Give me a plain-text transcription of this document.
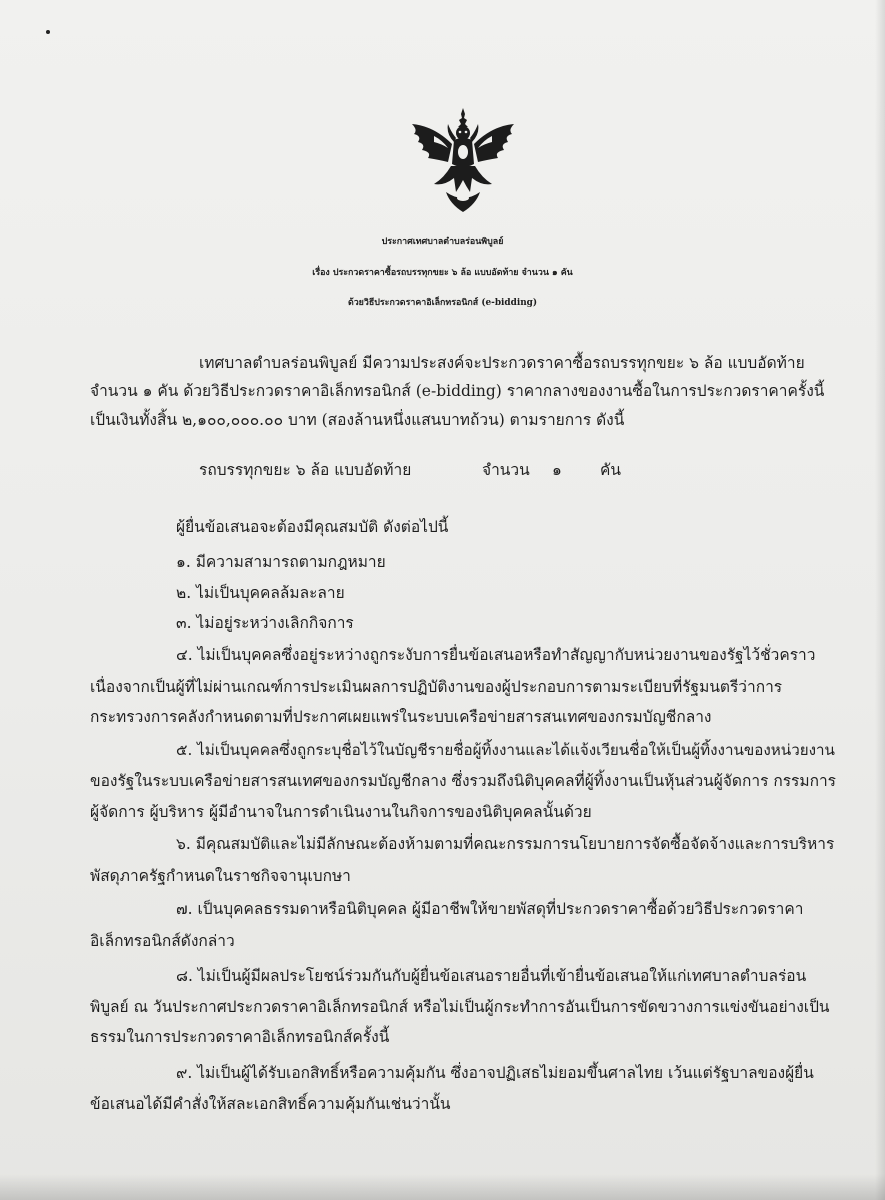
ประกาศเทศบาลตำบลร่อนพิบูลย์
เรื่อง ประกวดราคาซื้อรถบรรทุกขยะ ๖ ล้อ แบบอัดท้าย จำนวน ๑ คัน
ด้วยวิธีประกวดราคาอิเล็กทรอนิกส์ (e-bidding)
เทศบาลตำบลร่อนพิบูลย์ มีความประสงค์จะประกวดราคาซื้อรถบรรทุกขยะ ๖ ล้อ แบบอัดท้าย
จำนวน ๑ คัน ด้วยวิธีประกวดราคาอิเล็กทรอนิกส์ (e-bidding) ราคากลางของงานซื้อในการประกวดราคาครั้งนี้
เป็นเงินทั้งสิ้น ๒,๑๐๐,๐๐๐.๐๐ บาท (สองล้านหนึ่งแสนบาทถ้วน) ตามรายการ ดังนี้
รถบรรทุกขยะ ๖ ล้อ แบบอัดท้าย	จำนวน ๑ คัน
ผู้ยื่นข้อเสนอจะต้องมีคุณสมบัติ ดังต่อไปนี้
๑. มีความสามารถตามกฎหมาย
๒. ไม่เป็นบุคคลล้มละลาย
๓. ไม่อยู่ระหว่างเลิกกิจการ
๔. ไม่เป็นบุคคลซึ่งอยู่ระหว่างถูกระงับการยื่นข้อเสนอหรือทำสัญญากับหน่วยงานของรัฐไว้ชั่วคราว
เนื่องจากเป็นผู้ที่ไม่ผ่านเกณฑ์การประเมินผลการปฏิบัติงานของผู้ประกอบการตามระเบียบที่รัฐมนตรีว่าการ
กระทรวงการคลังกำหนดตามที่ประกาศเผยแพร่ในระบบเครือข่ายสารสนเทศของกรมบัญชีกลาง
๕. ไม่เป็นบุคคลซึ่งถูกระบุชื่อไว้ในบัญชีรายชื่อผู้ทิ้งงานและได้แจ้งเวียนชื่อให้เป็นผู้ทิ้งงานของหน่วยงาน
ของรัฐในระบบเครือข่ายสารสนเทศของกรมบัญชีกลาง ซึ่งรวมถึงนิติบุคคลที่ผู้ทิ้งงานเป็นหุ้นส่วนผู้จัดการ กรรมการ
ผู้จัดการ ผู้บริหาร ผู้มีอำนาจในการดำเนินงานในกิจการของนิติบุคคลนั้นด้วย
๖. มีคุณสมบัติและไม่มีลักษณะต้องห้ามตามที่คณะกรรมการนโยบายการจัดซื้อจัดจ้างและการบริหาร
พัสดุภาครัฐกำหนดในราชกิจจานุเบกษา
๗. เป็นบุคคลธรรมดาหรือนิติบุคคล ผู้มีอาชีพให้ขายพัสดุที่ประกวดราคาซื้อด้วยวิธีประกวดราคา
อิเล็กทรอนิกส์ดังกล่าว
๘. ไม่เป็นผู้มีผลประโยชน์ร่วมกันกับผู้ยื่นข้อเสนอรายอื่นที่เข้ายื่นข้อเสนอให้แก่เทศบาลตำบลร่อน
พิบูลย์ ณ วันประกาศประกวดราคาอิเล็กทรอนิกส์ หรือไม่เป็นผู้กระทำการอันเป็นการขัดขวางการแข่งขันอย่างเป็น
ธรรมในการประกวดราคาอิเล็กทรอนิกส์ครั้งนี้
๙. ไม่เป็นผู้ได้รับเอกสิทธิ์หรือความคุ้มกัน ซึ่งอาจปฏิเสธไม่ยอมขึ้นศาลไทย เว้นแต่รัฐบาลของผู้ยื่น
ข้อเสนอได้มีคำสั่งให้สละเอกสิทธิ์ความคุ้มกันเช่นว่านั้น
